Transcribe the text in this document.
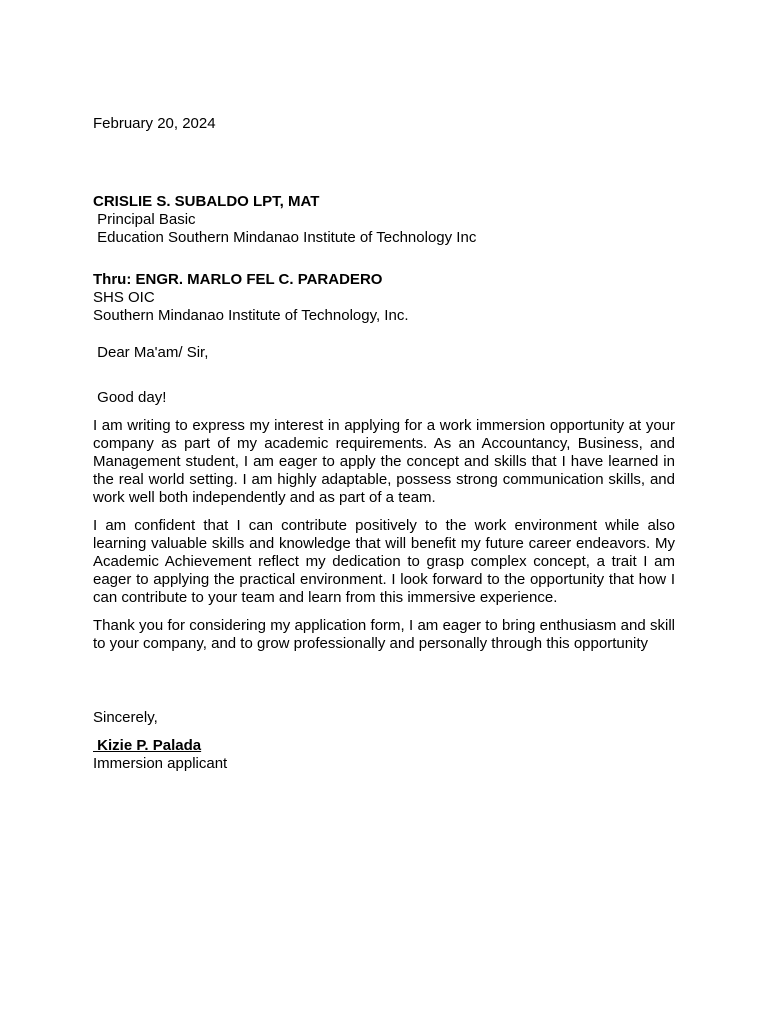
February 20, 2024
CRISLIE S. SUBALDO LPT, MAT
Principal Basic
Education Southern Mindanao Institute of Technology Inc
Thru: ENGR. MARLO FEL C. PARADERO
SHS OIC
Southern Mindanao Institute of Technology, Inc.
Dear Ma'am/ Sir,
Good day!
I am writing to express my interest in applying for a work immersion opportunity at your company as part of my academic requirements. As an Accountancy, Business, and Management student, I am eager to apply the concept and skills that I have learned in the real world setting. I am highly adaptable, possess strong communication skills, and work well both independently and as part of a team.
I am confident that I can contribute positively to the work environment while also learning valuable skills and knowledge that will benefit my future career endeavors. My Academic Achievement reflect my dedication to grasp complex concept, a trait I am eager to applying the practical environment. I look forward to the opportunity that how I can contribute to your team and learn from this immersive experience.
Thank you for considering my application form, I am eager to bring enthusiasm and skill to your company, and to grow professionally and personally through this opportunity
Sincerely,
Kizie P. Palada
Immersion applicant
